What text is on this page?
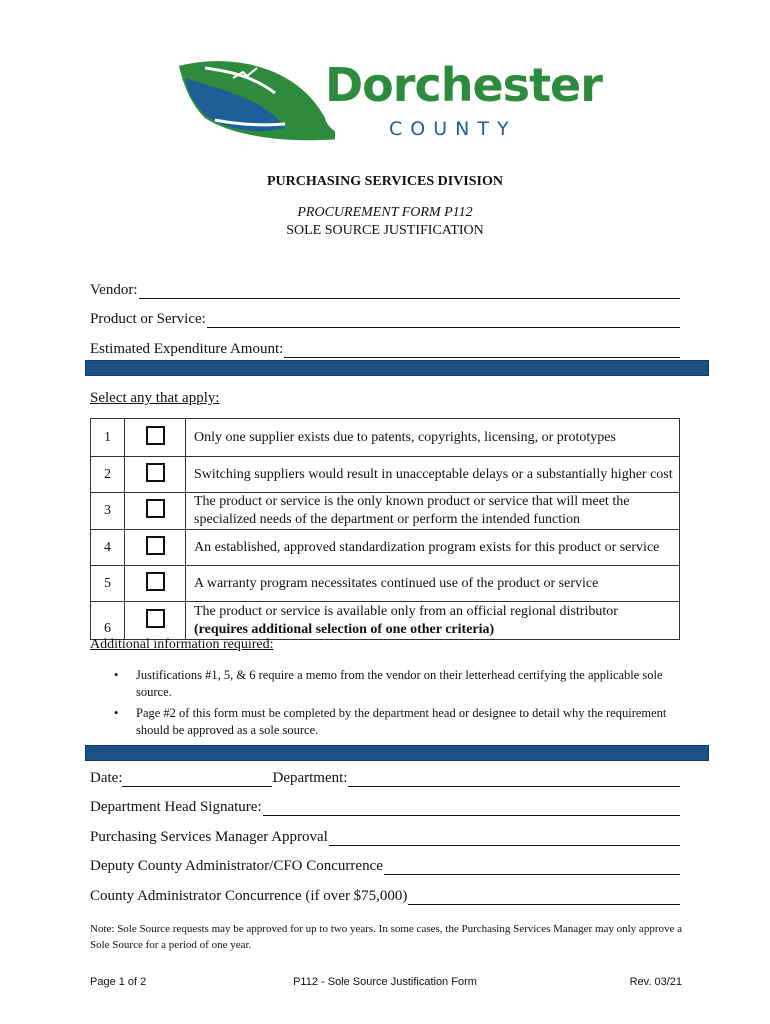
Dorchester
COUNTY
PURCHASING SERVICES DIVISION
PROCUREMENT FORM P112
SOLE SOURCE JUSTIFICATION
Vendor:
Product or Service:
Estimated Expenditure Amount:
Select any that apply:
1		Only one supplier exists due to patents, copyrights, licensing, or prototypes
2		Switching suppliers would result in unacceptable delays or a substantially higher cost
3		The product or service is the only known product or service that will meet the specialized needs of the department or perform the intended function
4		An established, approved standardization program exists for this product or service
5		A warranty program necessitates continued use of the product or service
6		The product or service is available only from an official regional distributor
(requires additional selection of one other criteria)
Additional information required:
• Justifications #1, 5, & 6 require a memo from the vendor on their letterhead certifying the applicable sole source.
• Page #2 of this form must be completed by the department head or designee to detail why the requirement should be approved as a sole source.
Date:	Department:
Department Head Signature:
Purchasing Services Manager Approval
Deputy County Administrator/CFO Concurrence
County Administrator Concurrence (if over $75,000)
Note: Sole Source requests may be approved for up to two years. In some cases, the Purchasing Services Manager may only approve a Sole Source for a period of one year.
Page 1 of 2	P112 - Sole Source Justification Form	Rev. 03/21
